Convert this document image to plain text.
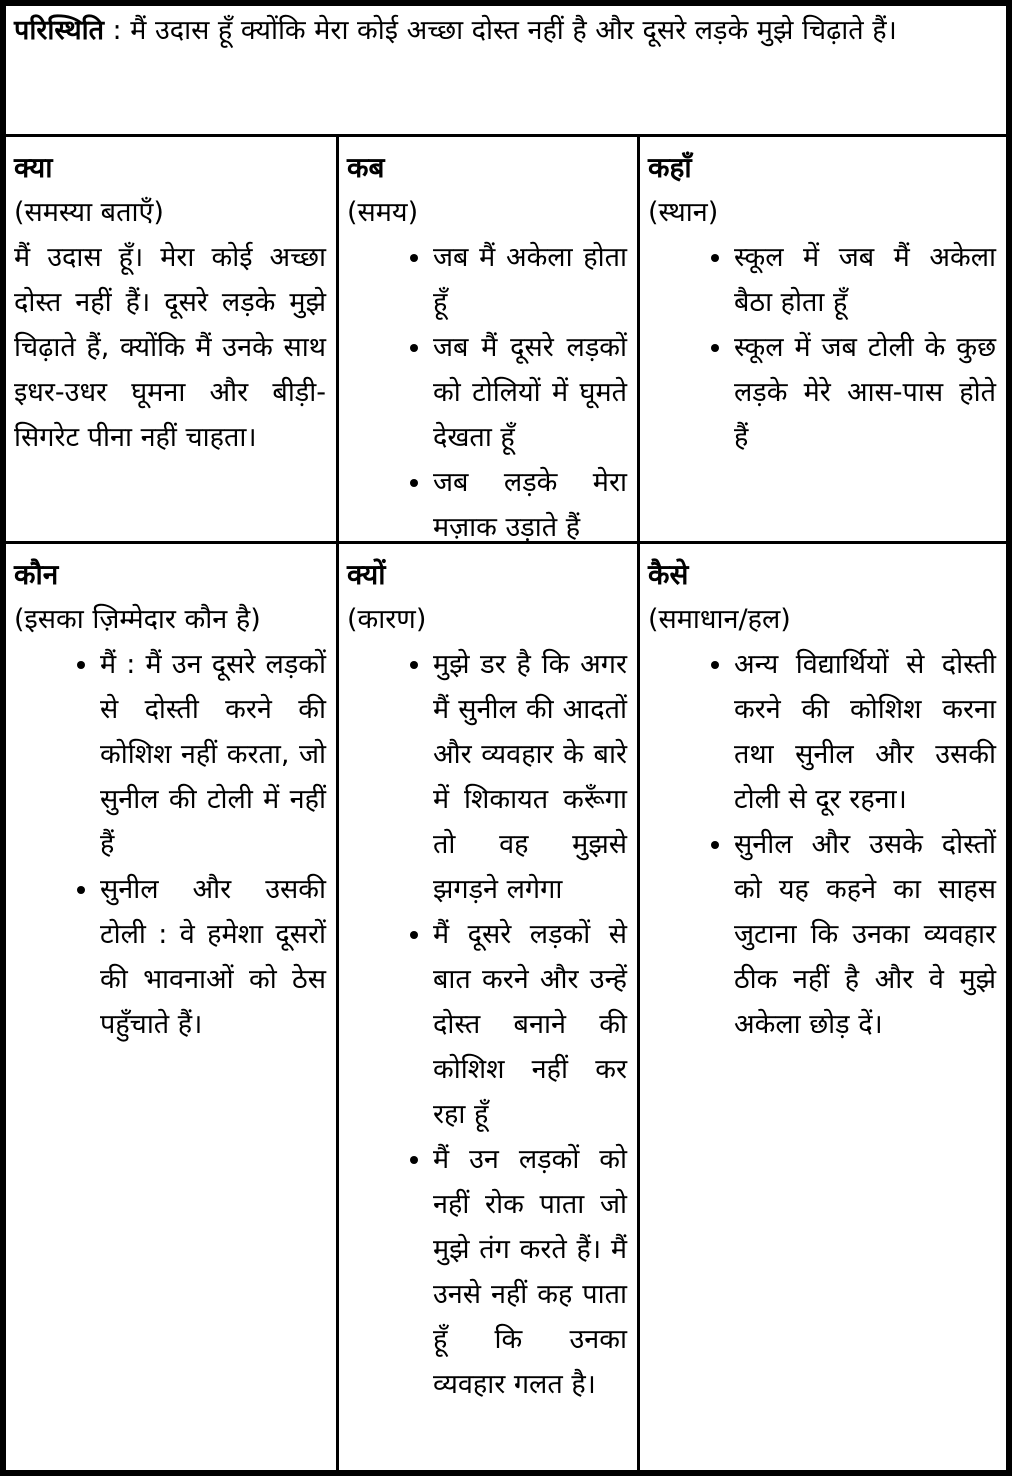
परिस्थिति : मैं उदास हूँ क्योंकि मेरा कोई अच्छा दोस्त नहीं है और दूसरे लड़के मुझे चिढ़ाते हैं।

क्या

(समस्या बताएँ)

मैं उदास हूँ। मेरा कोई अच्छा दोस्त नहीं हैं। दूसरे लड़के मुझे चिढ़ाते हैं, क्योंकि मैं उनके साथ इधर-उधर घूमना और बीड़ी-सिगरेट पीना नहीं चाहता।

कब

(समय)

• जब मैं अकेला होता हूँ
• जब मैं दूसरे लड़कों को टोलियों में घूमते देखता हूँ
• जब लड़के मेरा मज़ाक उड़ाते हैं

कहाँ

(स्थान)

• स्कूल में जब मैं अकेला बैठा होता हूँ
• स्कूल में जब टोली के कुछ लड़के मेरे आस-पास होते हैं

कौन

(इसका ज़िम्मेदार कौन है)

• मैं : मैं उन दूसरे लड़कों से दोस्ती करने की कोशिश नहीं करता, जो सुनील की टोली में नहीं हैं
• सुनील और उसकी टोली : वे हमेशा दूसरों की भावनाओं को ठेस पहुँचाते हैं।

क्यों

(कारण)

• मुझे डर है कि अगर मैं सुनील की आदतों और व्यवहार के बारे में शिकायत करूँगा तो वह मुझसे झगड़ने लगेगा
• मैं दूसरे लड़कों से बात करने और उन्हें दोस्त बनाने की कोशिश नहीं कर रहा हूँ
• मैं उन लड़कों को नहीं रोक पाता जो मुझे तंग करते हैं। मैं उनसे नहीं कह पाता हूँ कि उनका व्यवहार गलत है।

कैसे

(समाधान/हल)

• अन्य विद्यार्थियों से दोस्ती करने की कोशिश करना तथा सुनील और उसकी टोली से दूर रहना।
• सुनील और उसके दोस्तों को यह कहने का साहस जुटाना कि उनका व्यवहार ठीक नहीं है और वे मुझे अकेला छोड़ दें।
